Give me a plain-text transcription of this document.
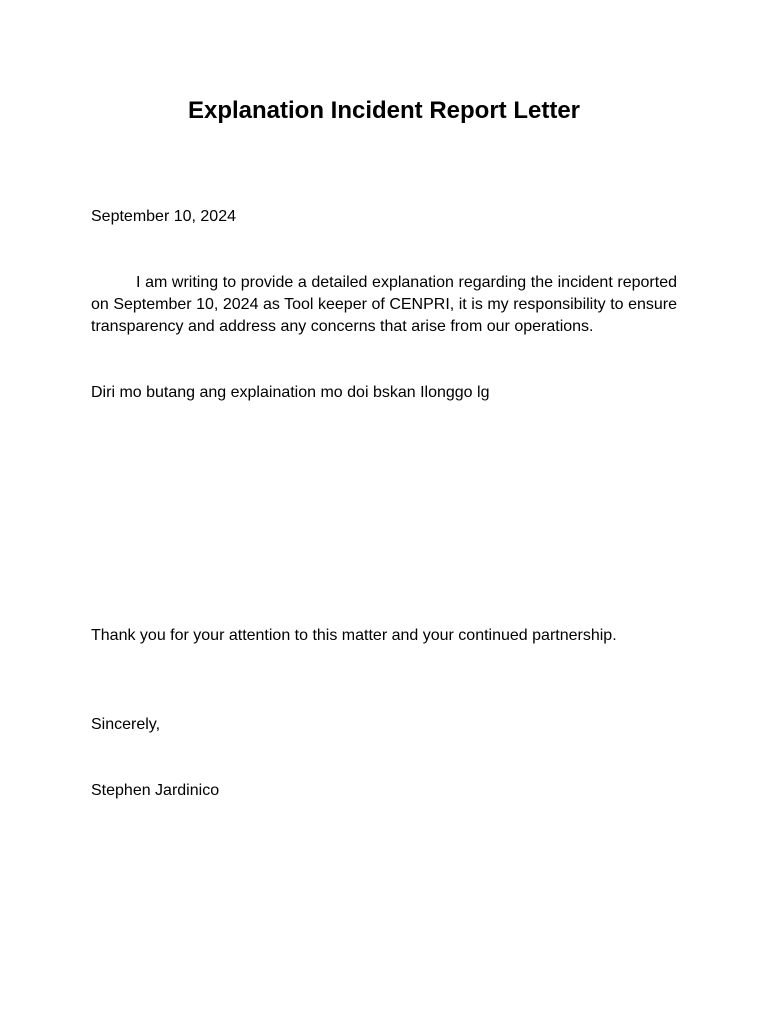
Explanation Incident Report Letter
September 10, 2024
I am writing to provide a detailed explanation regarding the incident reported on September 10, 2024 as Tool keeper of CENPRI, it is my responsibility to ensure transparency and address any concerns that arise from our operations.
Diri mo butang ang explaination mo doi bskan Ilonggo lg
Thank you for your attention to this matter and your continued partnership.
Sincerely,
Stephen Jardinico
